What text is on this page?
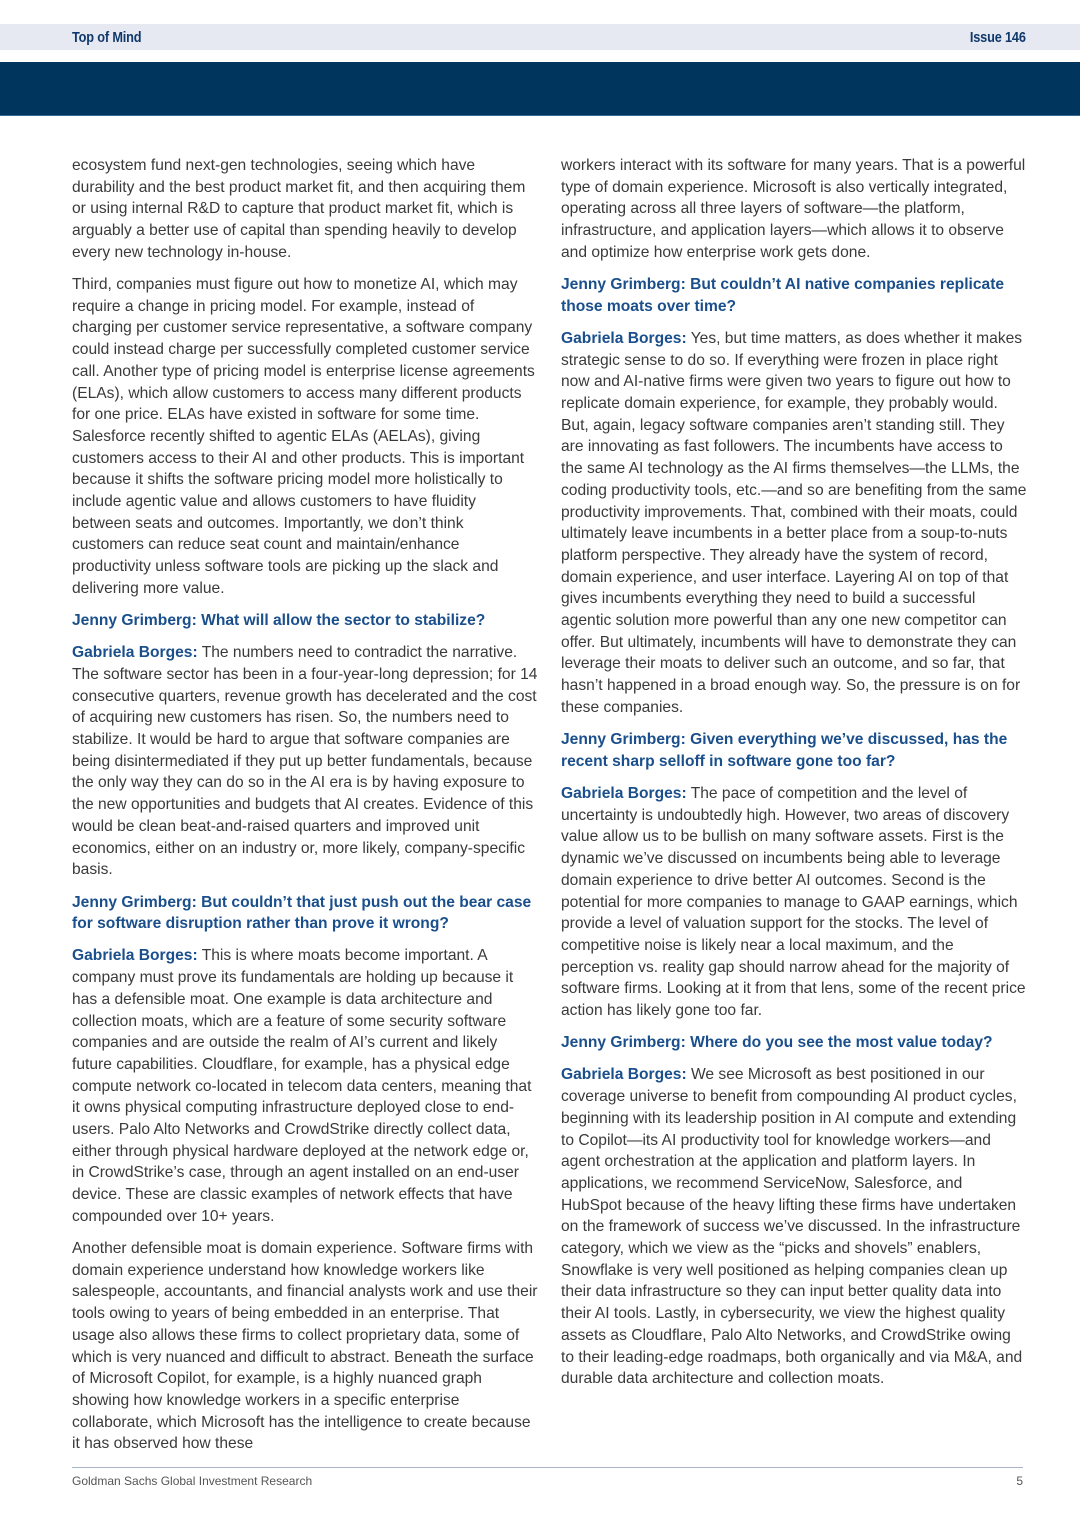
Top of Mind	Issue 146

ecosystem fund next-gen technologies, seeing which have durability and the best product market fit, and then acquiring them or using internal R&D to capture that product market fit, which is arguably a better use of capital than spending heavily to develop every new technology in-house.

Third, companies must figure out how to monetize AI, which may require a change in pricing model. For example, instead of charging per customer service representative, a software company could instead charge per successfully completed customer service call. Another type of pricing model is enterprise license agreements (ELAs), which allow customers to access many different products for one price. ELAs have existed in software for some time. Salesforce recently shifted to agentic ELAs (AELAs), giving customers access to their AI and other products. This is important because it shifts the software pricing model more holistically to include agentic value and allows customers to have fluidity between seats and outcomes. Importantly, we don’t think customers can reduce seat count and maintain/enhance productivity unless software tools are picking up the slack and delivering more value.

Jenny Grimberg: What will allow the sector to stabilize?

Gabriela Borges: The numbers need to contradict the narrative. The software sector has been in a four-year-long depression; for 14 consecutive quarters, revenue growth has decelerated and the cost of acquiring new customers has risen. So, the numbers need to stabilize. It would be hard to argue that software companies are being disintermediated if they put up better fundamentals, because the only way they can do so in the AI era is by having exposure to the new opportunities and budgets that AI creates. Evidence of this would be clean beat-and-raised quarters and improved unit economics, either on an industry or, more likely, company-specific basis.

Jenny Grimberg: But couldn’t that just push out the bear case for software disruption rather than prove it wrong?

Gabriela Borges: This is where moats become important. A company must prove its fundamentals are holding up because it has a defensible moat. One example is data architecture and collection moats, which are a feature of some security software companies and are outside the realm of AI’s current and likely future capabilities. Cloudflare, for example, has a physical edge compute network co-located in telecom data centers, meaning that it owns physical computing infrastructure deployed close to end-users. Palo Alto Networks and CrowdStrike directly collect data, either through physical hardware deployed at the network edge or, in CrowdStrike’s case, through an agent installed on an end-user device. These are classic examples of network effects that have compounded over 10+ years.

Another defensible moat is domain experience. Software firms with domain experience understand how knowledge workers like salespeople, accountants, and financial analysts work and use their tools owing to years of being embedded in an enterprise. That usage also allows these firms to collect proprietary data, some of which is very nuanced and difficult to abstract. Beneath the surface of Microsoft Copilot, for example, is a highly nuanced graph showing how knowledge workers in a specific enterprise collaborate, which Microsoft has the intelligence to create because it has observed how these

workers interact with its software for many years. That is a powerful type of domain experience. Microsoft is also vertically integrated, operating across all three layers of software—the platform, infrastructure, and application layers—which allows it to observe and optimize how enterprise work gets done.

Jenny Grimberg: But couldn’t AI native companies replicate those moats over time?

Gabriela Borges: Yes, but time matters, as does whether it makes strategic sense to do so. If everything were frozen in place right now and AI-native firms were given two years to figure out how to replicate domain experience, for example, they probably would. But, again, legacy software companies aren’t standing still. They are innovating as fast followers. The incumbents have access to the same AI technology as the AI firms themselves—the LLMs, the coding productivity tools, etc.—and so are benefiting from the same productivity improvements. That, combined with their moats, could ultimately leave incumbents in a better place from a soup-to-nuts platform perspective. They already have the system of record, domain experience, and user interface. Layering AI on top of that gives incumbents everything they need to build a successful agentic solution more powerful than any one new competitor can offer. But ultimately, incumbents will have to demonstrate they can leverage their moats to deliver such an outcome, and so far, that hasn’t happened in a broad enough way. So, the pressure is on for these companies.

Jenny Grimberg: Given everything we’ve discussed, has the recent sharp selloff in software gone too far?

Gabriela Borges: The pace of competition and the level of uncertainty is undoubtedly high. However, two areas of discovery value allow us to be bullish on many software assets. First is the dynamic we’ve discussed on incumbents being able to leverage domain experience to drive better AI outcomes. Second is the potential for more companies to manage to GAAP earnings, which provide a level of valuation support for the stocks. The level of competitive noise is likely near a local maximum, and the perception vs. reality gap should narrow ahead for the majority of software firms. Looking at it from that lens, some of the recent price action has likely gone too far.

Jenny Grimberg: Where do you see the most value today?

Gabriela Borges: We see Microsoft as best positioned in our coverage universe to benefit from compounding AI product cycles, beginning with its leadership position in AI compute and extending to Copilot—its AI productivity tool for knowledge workers—and agent orchestration at the application and platform layers. In applications, we recommend ServiceNow, Salesforce, and HubSpot because of the heavy lifting these firms have undertaken on the framework of success we’ve discussed. In the infrastructure category, which we view as the “picks and shovels” enablers, Snowflake is very well positioned as helping companies clean up their data infrastructure so they can input better quality data into their AI tools. Lastly, in cybersecurity, we view the highest quality assets as Cloudflare, Palo Alto Networks, and CrowdStrike owing to their leading-edge roadmaps, both organically and via M&A, and durable data architecture and collection moats.

Goldman Sachs Global Investment Research	5
